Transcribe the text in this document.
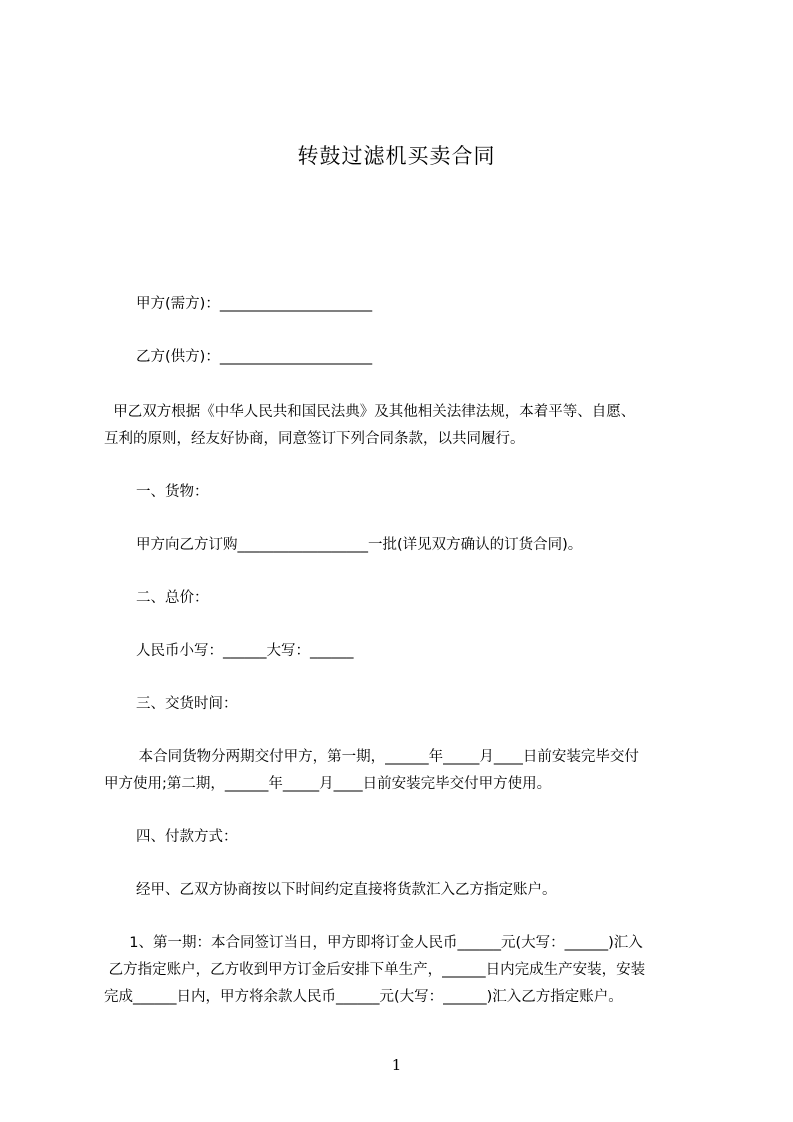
转鼓过滤机买卖合同

甲方(需方)：_____________________

乙方(供方)：_____________________

甲乙双方根据《中华人民共和国民法典》及其他相关法律法规，本着平等、自愿、

互利的原则，经友好协商，同意签订下列合同条款，以共同履行。

一、货物：

甲方向乙方订购__________________一批(详见双方确认的订货合同)。

二、总价：

人民币小写：______大写：______

三、交货时间：

本合同货物分两期交付甲方，第一期，______年_____月____日前安装完毕交付

甲方使用;第二期，______年_____月____日前安装完毕交付甲方使用。

四、付款方式：

经甲、乙双方协商按以下时间约定直接将货款汇入乙方指定账户。

1、第一期：本合同签订当日，甲方即将订金人民币______元(大写：______)汇入

乙方指定账户，乙方收到甲方订金后安排下单生产，______日内完成生产安装，安装

完成______日内，甲方将余款人民币______元(大写：______)汇入乙方指定账户。

1
